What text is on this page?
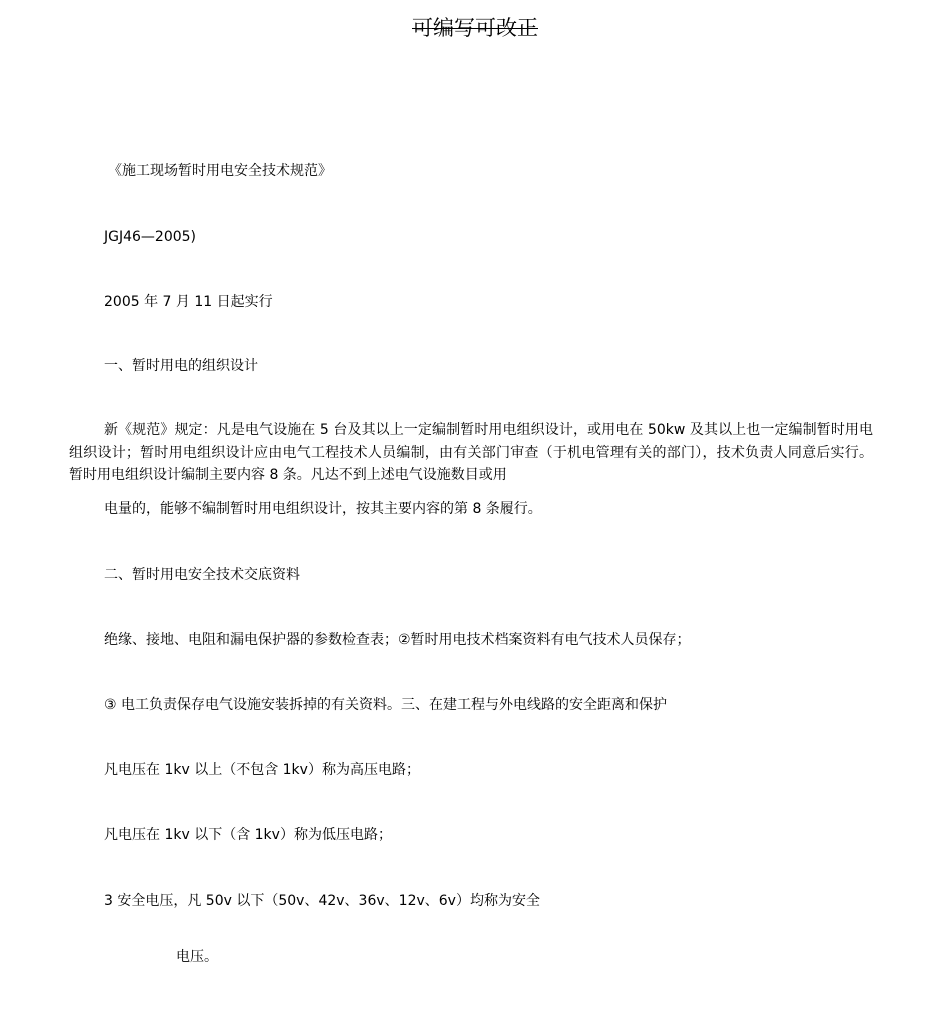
可编写可改正
《施工现场暂时用电安全技术规范》
JGJ46—2005)
2005 年 7 月 11 日起实行
一、暂时用电的组织设计
新《规范》规定：凡是电气设施在 5 台及其以上一定编制暂时用电组织设计，或用电在 50kw 及其以上也一定编制暂时用电组织设计；暂时用电组织设计应由电气工程技术人员编制，由有关部门审查（于机电管理有关的部门），技术负责人同意后实行。暂时用电组织设计编制主要内容 8 条。凡达不到上述电气设施数目或用
电量的，能够不编制暂时用电组织设计，按其主要内容的第 8 条履行。
二、暂时用电安全技术交底资料
绝缘、接地、电阻和漏电保护器的参数检查表；②暂时用电技术档案资料有电气技术人员保存；
③ 电工负责保存电气设施安装拆掉的有关资料。三、在建工程与外电线路的安全距离和保护
凡电压在 1kv 以上（不包含 1kv）称为高压电路；
凡电压在 1kv 以下（含 1kv）称为低压电路；
3 安全电压，凡 50v 以下（50v、42v、36v、12v、6v）均称为安全
电压。
